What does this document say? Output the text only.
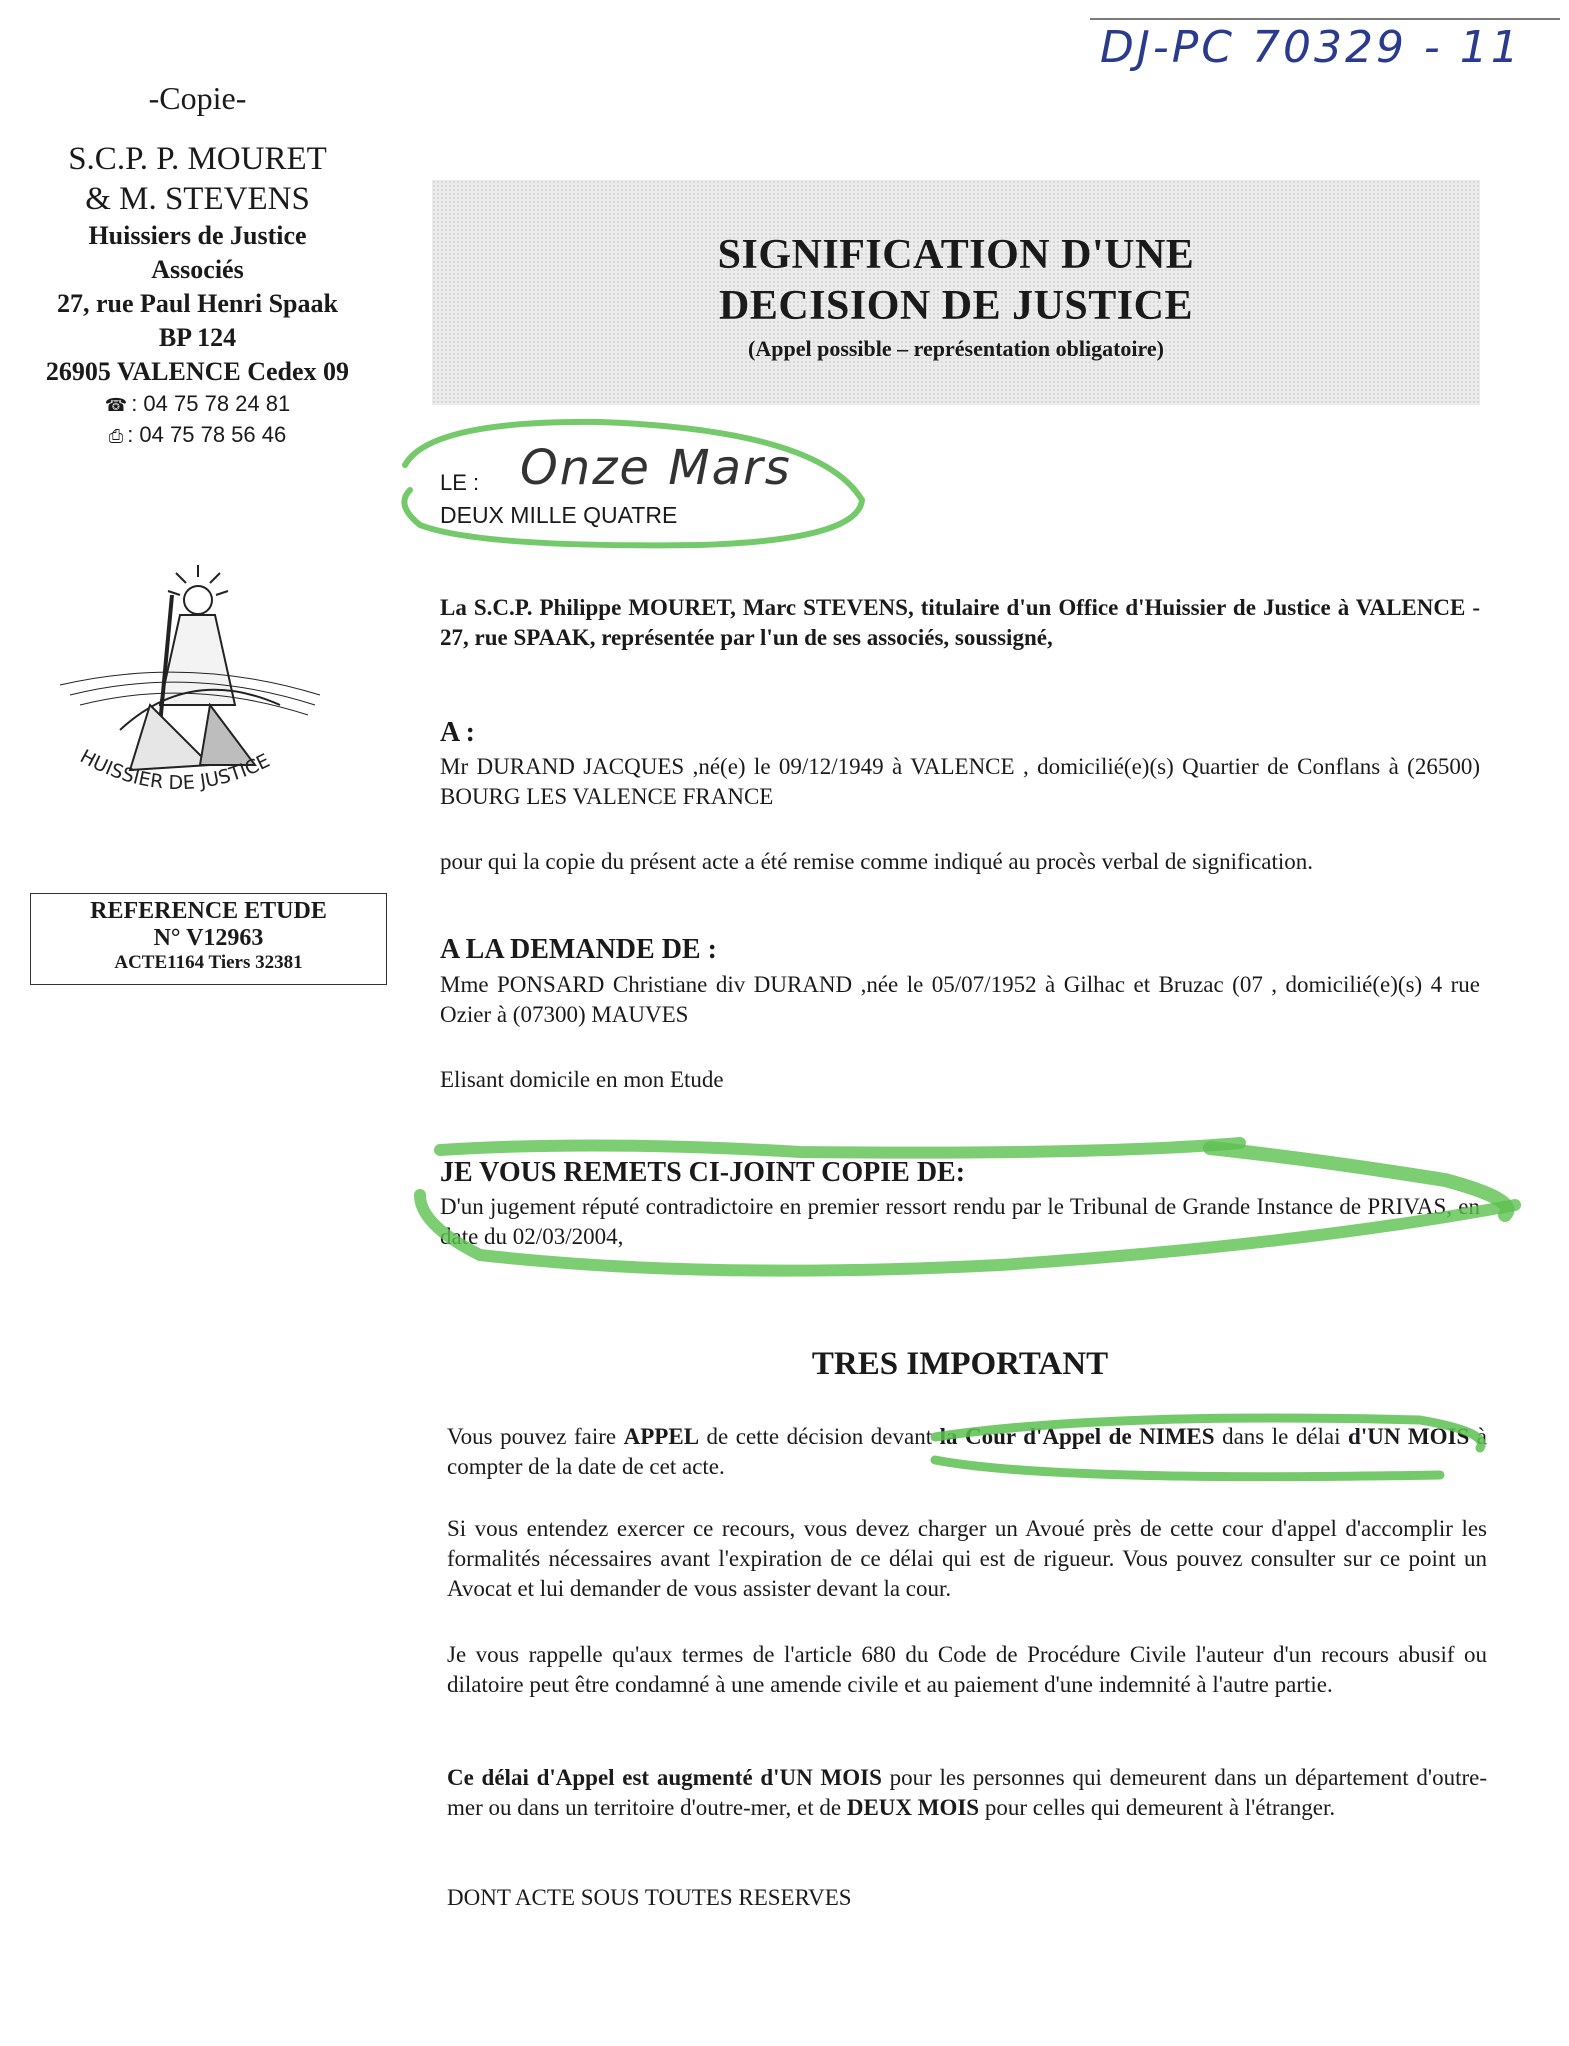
DJ-PC 70329 - 11
-Copie-
S.C.P. P. MOURET
& M. STEVENS
Huissiers de Justice
Associés
27, rue Paul Henri Spaak
BP 124
26905 VALENCE Cedex 09
☎ : 04 75 78 24 81
⎙ : 04 75 78 56 46
HUISSIER DE JUSTICE
REFERENCE ETUDE
N° V12963
ACTE1164 Tiers 32381
SIGNIFICATION D'UNE
DECISION DE JUSTICE
(Appel possible – représentation obligatoire)
LE : Onze Mars
DEUX MILLE QUATRE
La S.C.P. Philippe MOURET, Marc STEVENS, titulaire d'un Office d'Huissier de Justice à VALENCE - 27, rue SPAAK, représentée par l'un de ses associés, soussigné,
A :
Mr DURAND JACQUES ,né(e) le 09/12/1949 à VALENCE , domicilié(e)(s) Quartier de Conflans à (26500) BOURG LES VALENCE FRANCE
pour qui la copie du présent acte a été remise comme indiqué au procès verbal de signification.
A LA DEMANDE DE :
Mme PONSARD Christiane div DURAND ,née le 05/07/1952 à Gilhac et Bruzac (07 , domicilié(e)(s) 4 rue Ozier à (07300) MAUVES
Elisant domicile en mon Etude
JE VOUS REMETS CI-JOINT COPIE DE:
D'un jugement réputé contradictoire en premier ressort rendu par le Tribunal de Grande Instance de PRIVAS, en date du 02/03/2004,
TRES IMPORTANT
Vous pouvez faire APPEL de cette décision devant la Cour d'Appel de NIMES dans le délai d'UN MOIS à compter de la date de cet acte.
Si vous entendez exercer ce recours, vous devez charger un Avoué près de cette cour d'appel d'accomplir les formalités nécessaires avant l'expiration de ce délai qui est de rigueur. Vous pouvez consulter sur ce point un Avocat et lui demander de vous assister devant la cour.
Je vous rappelle qu'aux termes de l'article 680 du Code de Procédure Civile l'auteur d'un recours abusif ou dilatoire peut être condamné à une amende civile et au paiement d'une indemnité à l'autre partie.
Ce délai d'Appel est augmenté d'UN MOIS pour les personnes qui demeurent dans un département d'outre-mer ou dans un territoire d'outre-mer, et de DEUX MOIS pour celles qui demeurent à l'étranger.
DONT ACTE SOUS TOUTES RESERVES
